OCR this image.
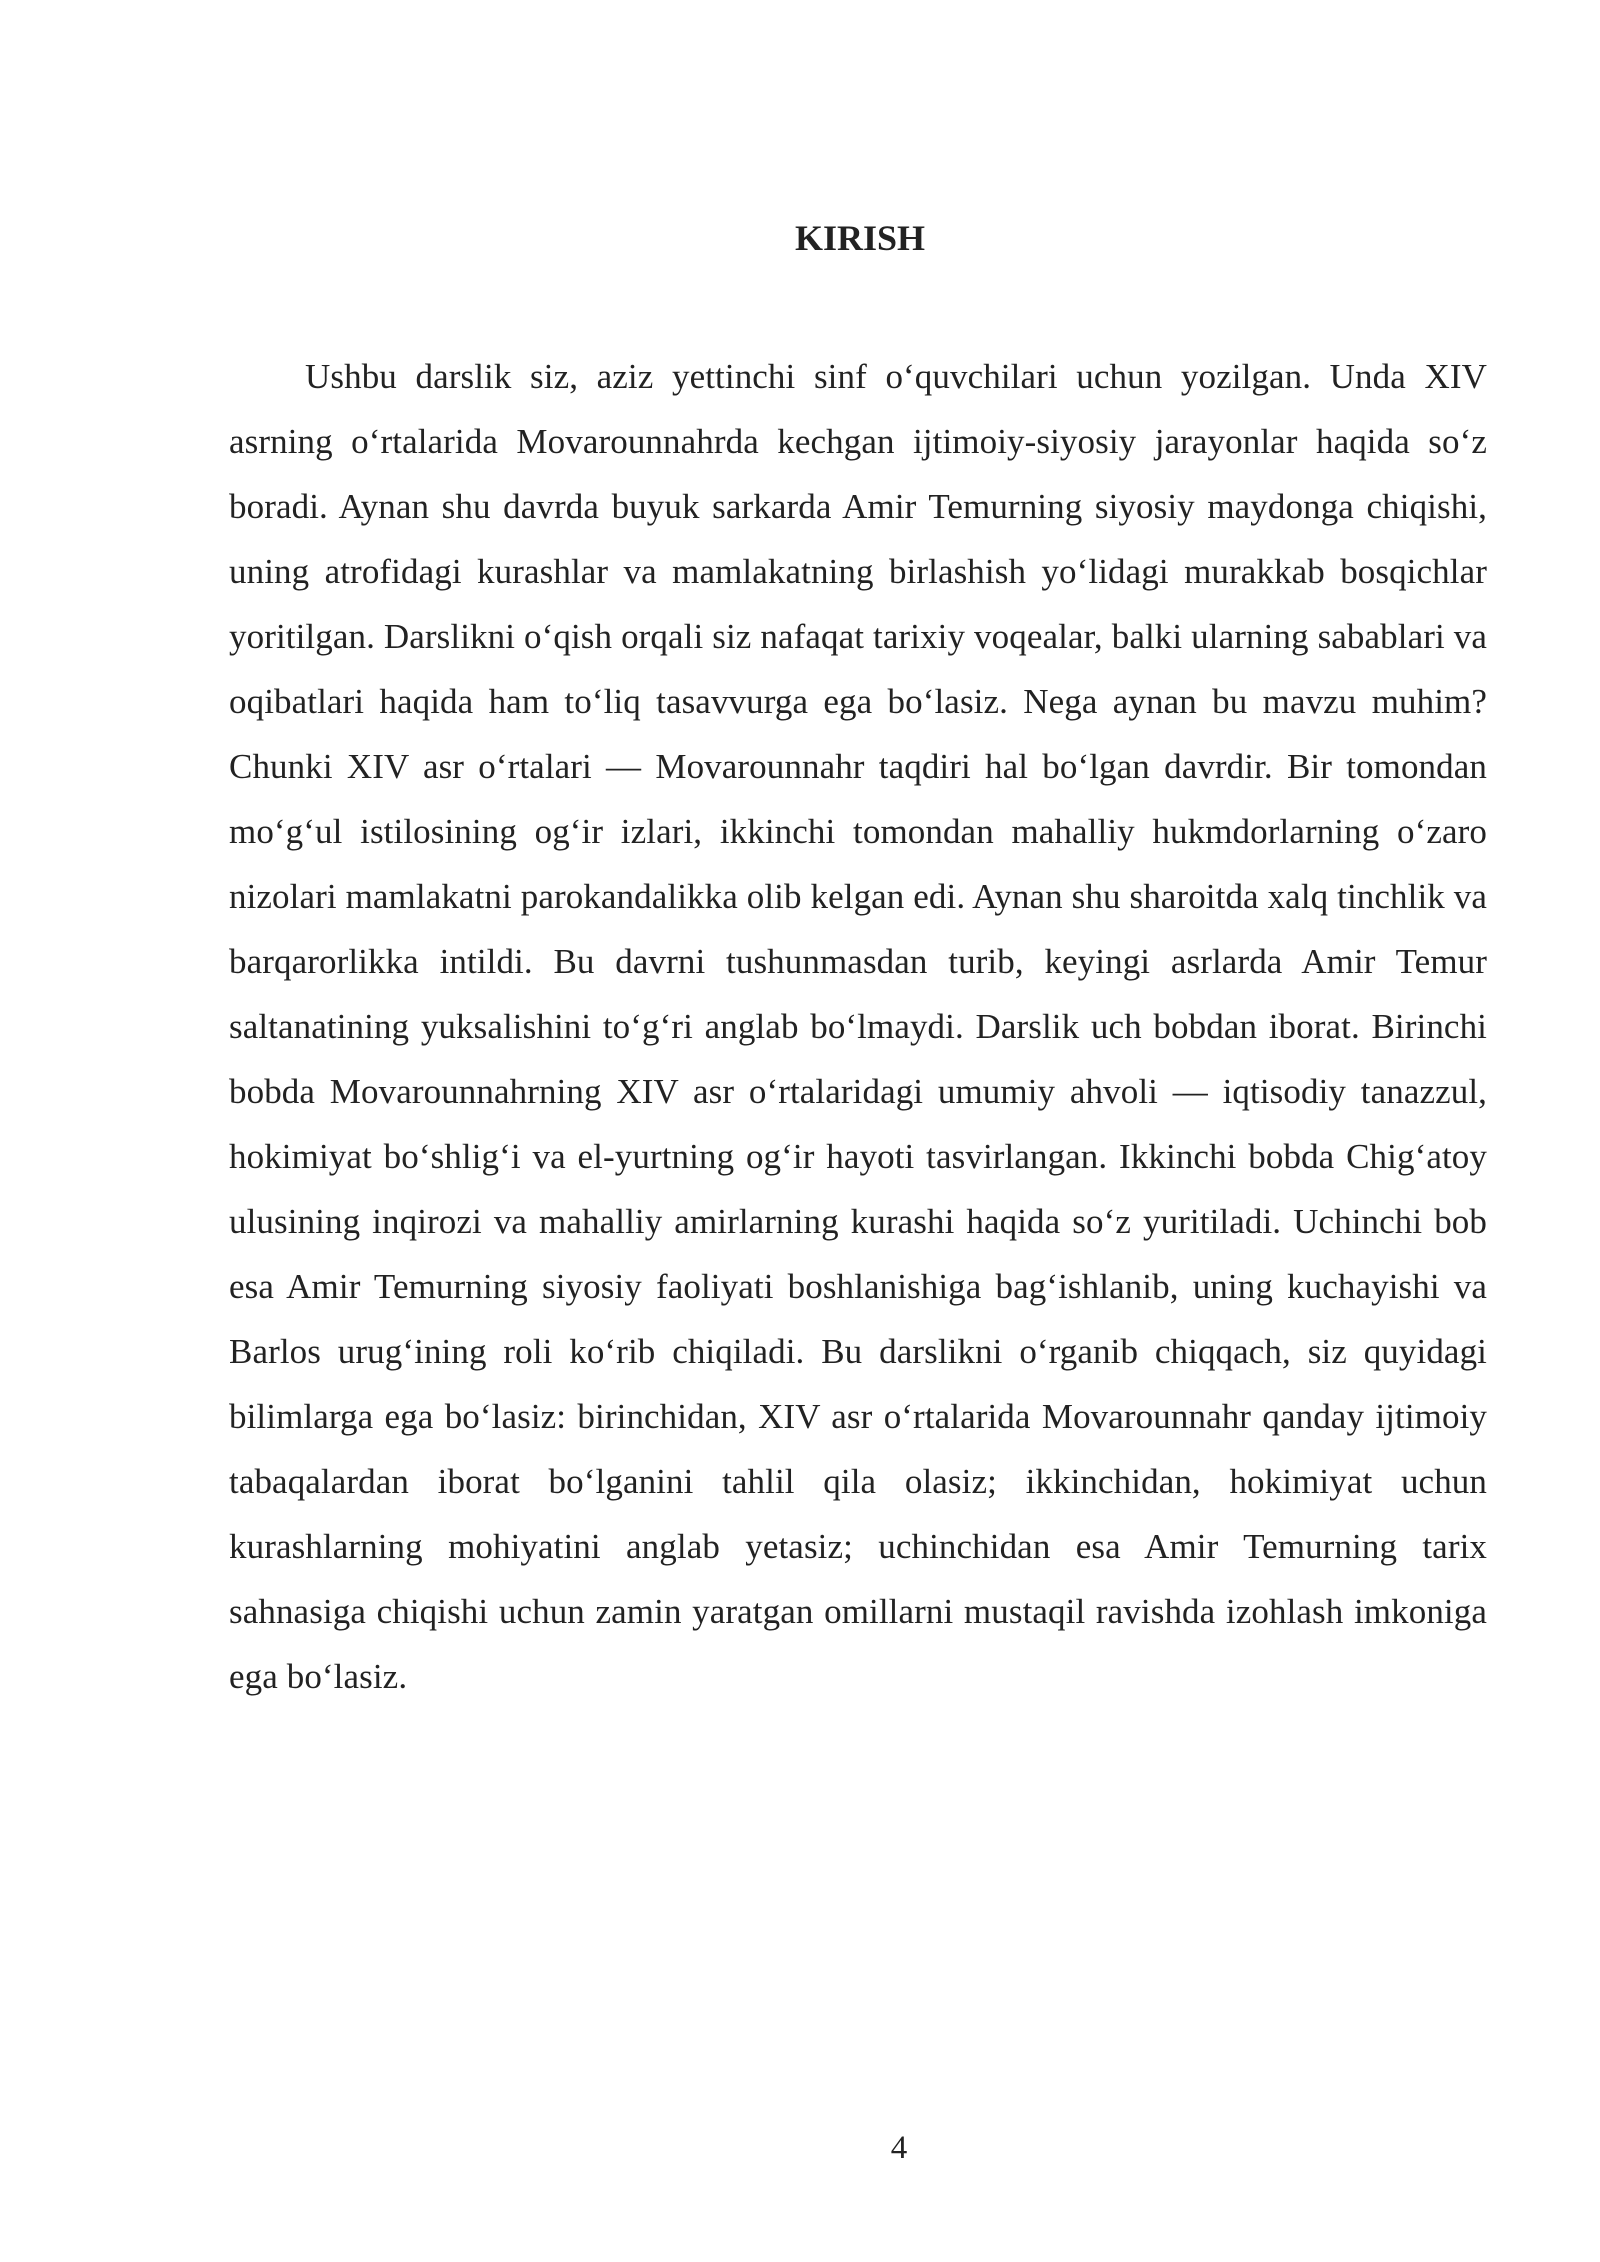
KIRISH

Ushbu darslik siz, aziz yettinchi sinf o‘quvchilari uchun yozilgan. Unda XIV asrning o‘rtalarida Movarounnahrda kechgan ijtimoiy-siyosiy jarayonlar haqida so‘z boradi. Aynan shu davrda buyuk sarkarda Amir Temurning siyosiy maydonga chiqishi, uning atrofidagi kurashlar va mamlakatning birlashish yo‘lidagi murakkab bosqichlar yoritilgan. Darslikni o‘qish orqali siz nafaqat tarixiy voqealar, balki ularning sabablari va oqibatlari haqida ham to‘liq tasavvurga ega bo‘lasiz. Nega aynan bu mavzu muhim? Chunki XIV asr o‘rtalari — Movarounnahr taqdiri hal bo‘lgan davrdir. Bir tomondan mo‘g‘ul istilosining og‘ir izlari, ikkinchi tomondan mahalliy hukmdorlarning o‘zaro nizolari mamlakatni parokandalikka olib kelgan edi. Aynan shu sharoitda xalq tinchlik va barqarorlikka intildi. Bu davrni tushunmasdan turib, keyingi asrlarda Amir Temur saltanatining yuksalishini to‘g‘ri anglab bo‘lmaydi. Darslik uch bobdan iborat. Birinchi bobda Movarounnahrning XIV asr o‘rtalaridagi umumiy ahvoli — iqtisodiy tanazzul, hokimiyat bo‘shlig‘i va el-yurtning og‘ir hayoti tasvirlangan. Ikkinchi bobda Chig‘atoy ulusining inqirozi va mahalliy amirlarning kurashi haqida so‘z yuritiladi. Uchinchi bob esa Amir Temurning siyosiy faoliyati boshlanishiga bag‘ishlanib, uning kuchayishi va Barlos urug‘ining roli ko‘rib chiqiladi. Bu darslikni o‘rganib chiqqach, siz quyidagi bilimlarga ega bo‘lasiz: birinchidan, XIV asr o‘rtalarida Movarounnahr qanday ijtimoiy tabaqalardan iborat bo‘lganini tahlil qila olasiz; ikkinchidan, hokimiyat uchun kurashlarning mohiyatini anglab yetasiz; uchinchidan esa Amir Temurning tarix sahnasiga chiqishi uchun zamin yaratgan omillarni mustaqil ravishda izohlash imkoniga ega bo‘lasiz.

4
